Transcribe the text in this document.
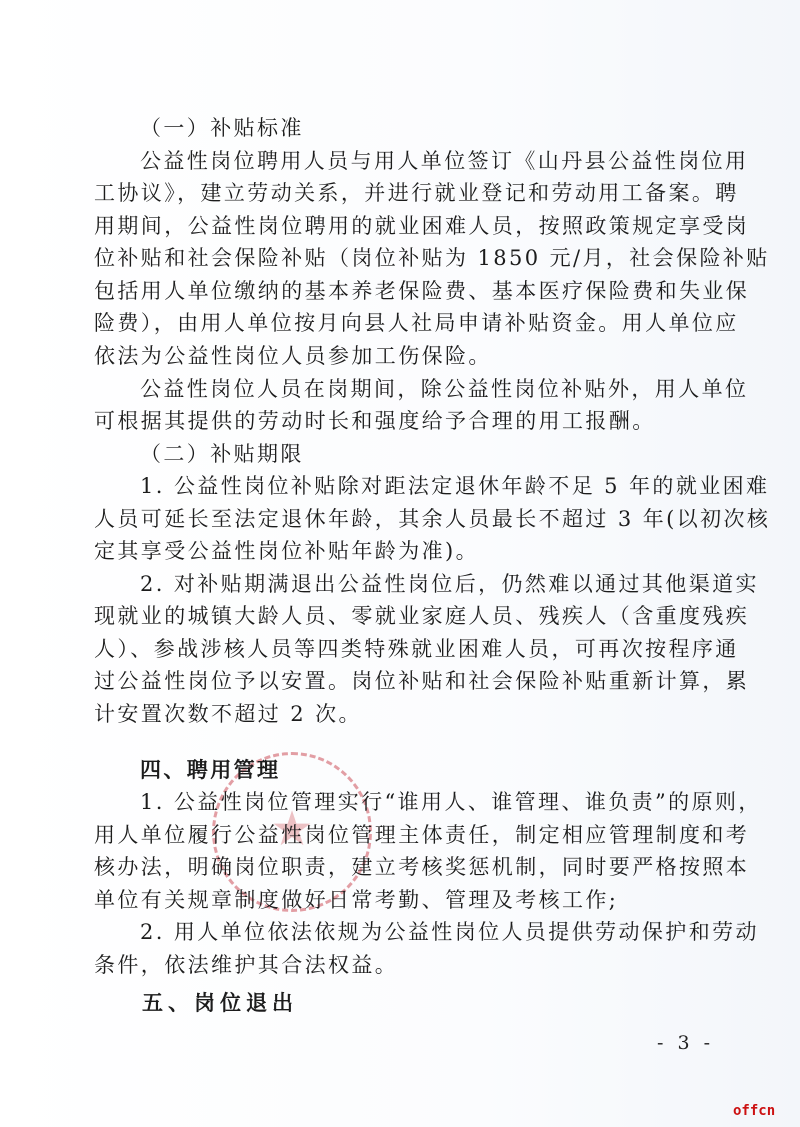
★
（一）补贴标准
公益性岗位聘用人员与用人单位签订《山丹县公益性岗位用
工协议》，建立劳动关系，并进行就业登记和劳动用工备案。聘
用期间，公益性岗位聘用的就业困难人员，按照政策规定享受岗
位补贴和社会保险补贴（岗位补贴为 1850 元/月，社会保险补贴
包括用人单位缴纳的基本养老保险费、基本医疗保险费和失业保
险费），由用人单位按月向县人社局申请补贴资金。用人单位应
依法为公益性岗位人员参加工伤保险。
公益性岗位人员在岗期间，除公益性岗位补贴外，用人单位
可根据其提供的劳动时长和强度给予合理的用工报酬。
（二）补贴期限
1. 公益性岗位补贴除对距法定退休年龄不足 5 年的就业困难
人员可延长至法定退休年龄，其余人员最长不超过 3 年(以初次核
定其享受公益性岗位补贴年龄为准)。
2. 对补贴期满退出公益性岗位后，仍然难以通过其他渠道实
现就业的城镇大龄人员、零就业家庭人员、残疾人（含重度残疾
人）、参战涉核人员等四类特殊就业困难人员，可再次按程序通
过公益性岗位予以安置。岗位补贴和社会保险补贴重新计算，累
计安置次数不超过 2 次。
四、聘用管理
1. 公益性岗位管理实行“谁用人、谁管理、谁负责”的原则，
用人单位履行公益性岗位管理主体责任，制定相应管理制度和考
核办法，明确岗位职责，建立考核奖惩机制，同时要严格按照本
单位有关规章制度做好日常考勤、管理及考核工作;
2. 用人单位依法依规为公益性岗位人员提供劳动保护和劳动
条件，依法维护其合法权益。
五、岗位退出
- 3 -
offcn
